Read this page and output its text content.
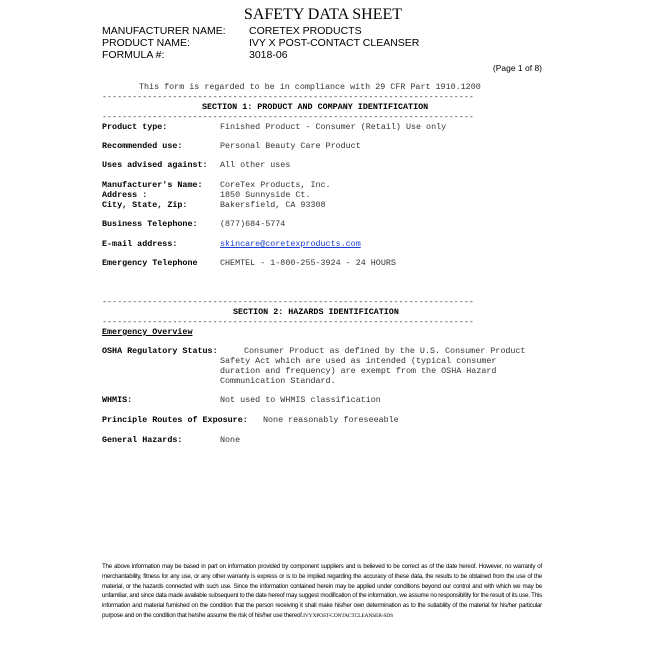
SAFETY DATA SHEET
MANUFACTURER NAME: CORETEX PRODUCTS
PRODUCT NAME:	IVY X POST-CONTACT CLEANSER
FORMULA #:	3018-06
(Page 1 of 8)
This form is regarded to be in compliance with 29 CFR Part 1910.1200
--------------------------------------------------------------------------
SECTION 1: PRODUCT AND COMPANY IDENTIFICATION
--------------------------------------------------------------------------
Product type:	Finished Product - Consumer (Retail) Use only
Recommended use:	Personal Beauty Care Product
Uses advised against: All other uses
Manufacturer's Name: CoreTex Products, Inc.
Address :	1850 Sunnyside Ct.
City, State, Zip:	Bakersfield, CA 93308
Business Telephone:	(877)684-5774
E-mail address:	skincare@coretexproducts.com
Emergency Telephone	CHEMTEL - 1-800-255-3924 - 24 HOURS
--------------------------------------------------------------------------
SECTION 2: HAZARDS IDENTIFICATION
--------------------------------------------------------------------------
Emergency Overview
OSHA Regulatory Status:	Consumer Product as defined by the U.S. Consumer Product
Safety Act which are used as intended (typical consumer
duration and frequency) are exempt from the OSHA Hazard
Communication Standard.
WHMIS:	Not used to WHMIS classification
Principle Routes of Exposure: None reasonably foreseeable
General Hazards:	None
The above information may be based in part on information provided by component suppliers and is believed to be correct as of the date hereof. However, no warranty of merchantability, fitness for any use, or any other warranty is express or is to be implied regarding the accuracy of these data, the results to be obtained from the use of the material, or the hazards connected with such use. Since the information contained herein may be applied under conditions beyond our control and with which we may be unfamiliar, and since data made available subsequent to the date hereof may suggest modification of the information, we assume no responsibility for the result of its use. This information and material furnished on the condition that the person receiving it shall make his/her own determination as to the suitability of the material for his/her particular purpose and on the condition that he/she assume the risk of his/her use thereof.IVYXPOST-CONTACTCLEANSER-SDS
